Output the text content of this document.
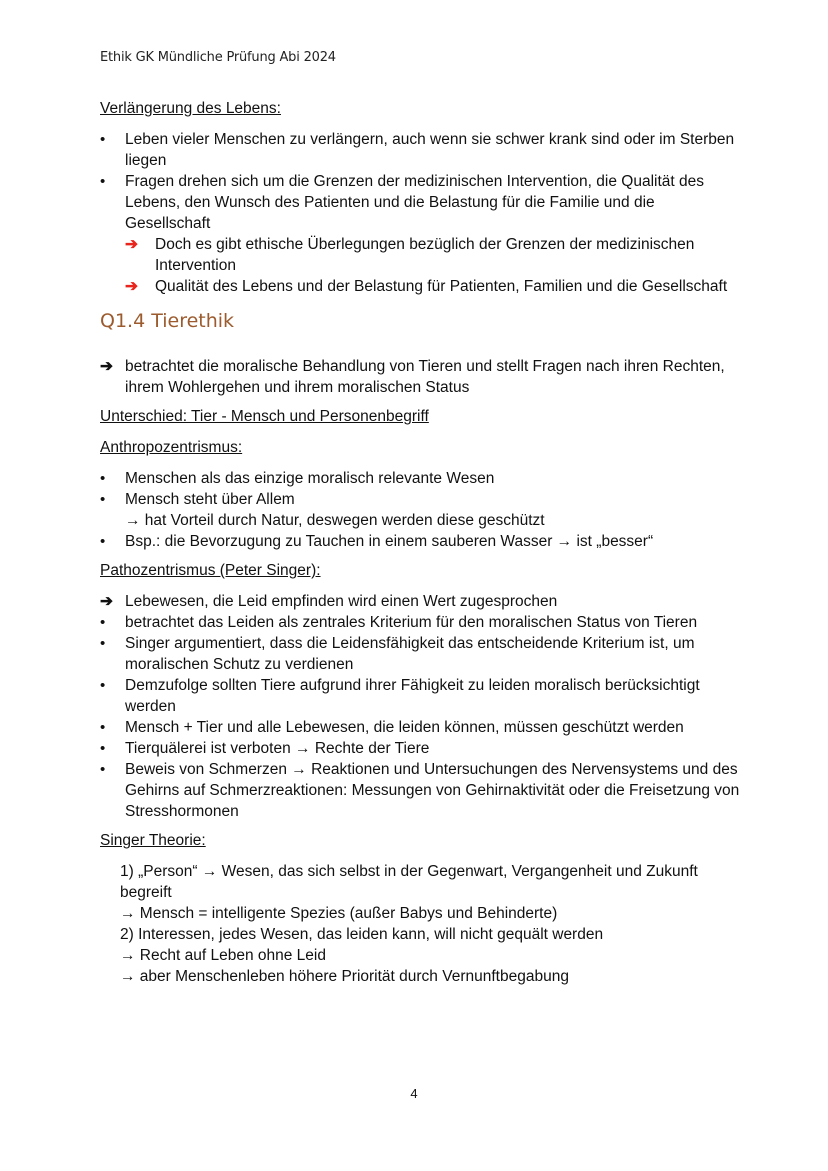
Ethik GK Mündliche Prüfung Abi 2024

Verlängerung des Lebens:

•
Leben vieler Menschen zu verlängern, auch wenn sie schwer krank sind oder im Sterben liegen
•
Fragen drehen sich um die Grenzen der medizinischen Intervention, die Qualität des Lebens, den Wunsch des Patienten und die Belastung für die Familie und die Gesellschaft
➔	Doch es gibt ethische Überlegungen bezüglich der Grenzen der medizinischen Intervention
➔	Qualität des Lebens und der Belastung für Patienten, Familien und die Gesellschaft
Q1.4 Tierethik
➔ betrachtet die moralische Behandlung von Tieren und stellt Fragen nach ihren Rechten, ihrem Wohlergehen und ihrem moralischen Status

Unterschied: Tier - Mensch und Personenbegriff

Anthropozentrismus:

•
Menschen als das einzige moralisch relevante Wesen
•
Mensch steht über Allem
→ hat Vorteil durch Natur, deswegen werden diese geschützt
•
Bsp.: die Bevorzugung zu Tauchen in einem sauberen Wasser → ist „besser“

Pathozentrismus (Peter Singer):

➔ Lebewesen, die Leid empfinden wird einen Wert zugesprochen
•
betrachtet das Leiden als zentrales Kriterium für den moralischen Status von Tieren
•
Singer argumentiert, dass die Leidensfähigkeit das entscheidende Kriterium ist, um moralischen Schutz zu verdienen
•
Demzufolge sollten Tiere aufgrund ihrer Fähigkeit zu leiden moralisch berücksichtigt werden
•
Mensch + Tier und alle Lebewesen, die leiden können, müssen geschützt werden
•
Tierquälerei ist verboten → Rechte der Tiere
•
Beweis von Schmerzen → Reaktionen und Untersuchungen des Nervensystems und des Gehirns auf Schmerzreaktionen: Messungen von Gehirnaktivität oder die Freisetzung von Stresshormonen

Singer Theorie:

1) „Person“ → Wesen, das sich selbst in der Gegenwart, Vergangenheit und Zukunft begreift

→ Mensch = intelligente Spezies (außer Babys und Behinderte)

2) Interessen, jedes Wesen, das leiden kann, will nicht gequält werden

→ Recht auf Leben ohne Leid

→ aber Menschenleben höhere Priorität durch Vernunftbegabung

4
